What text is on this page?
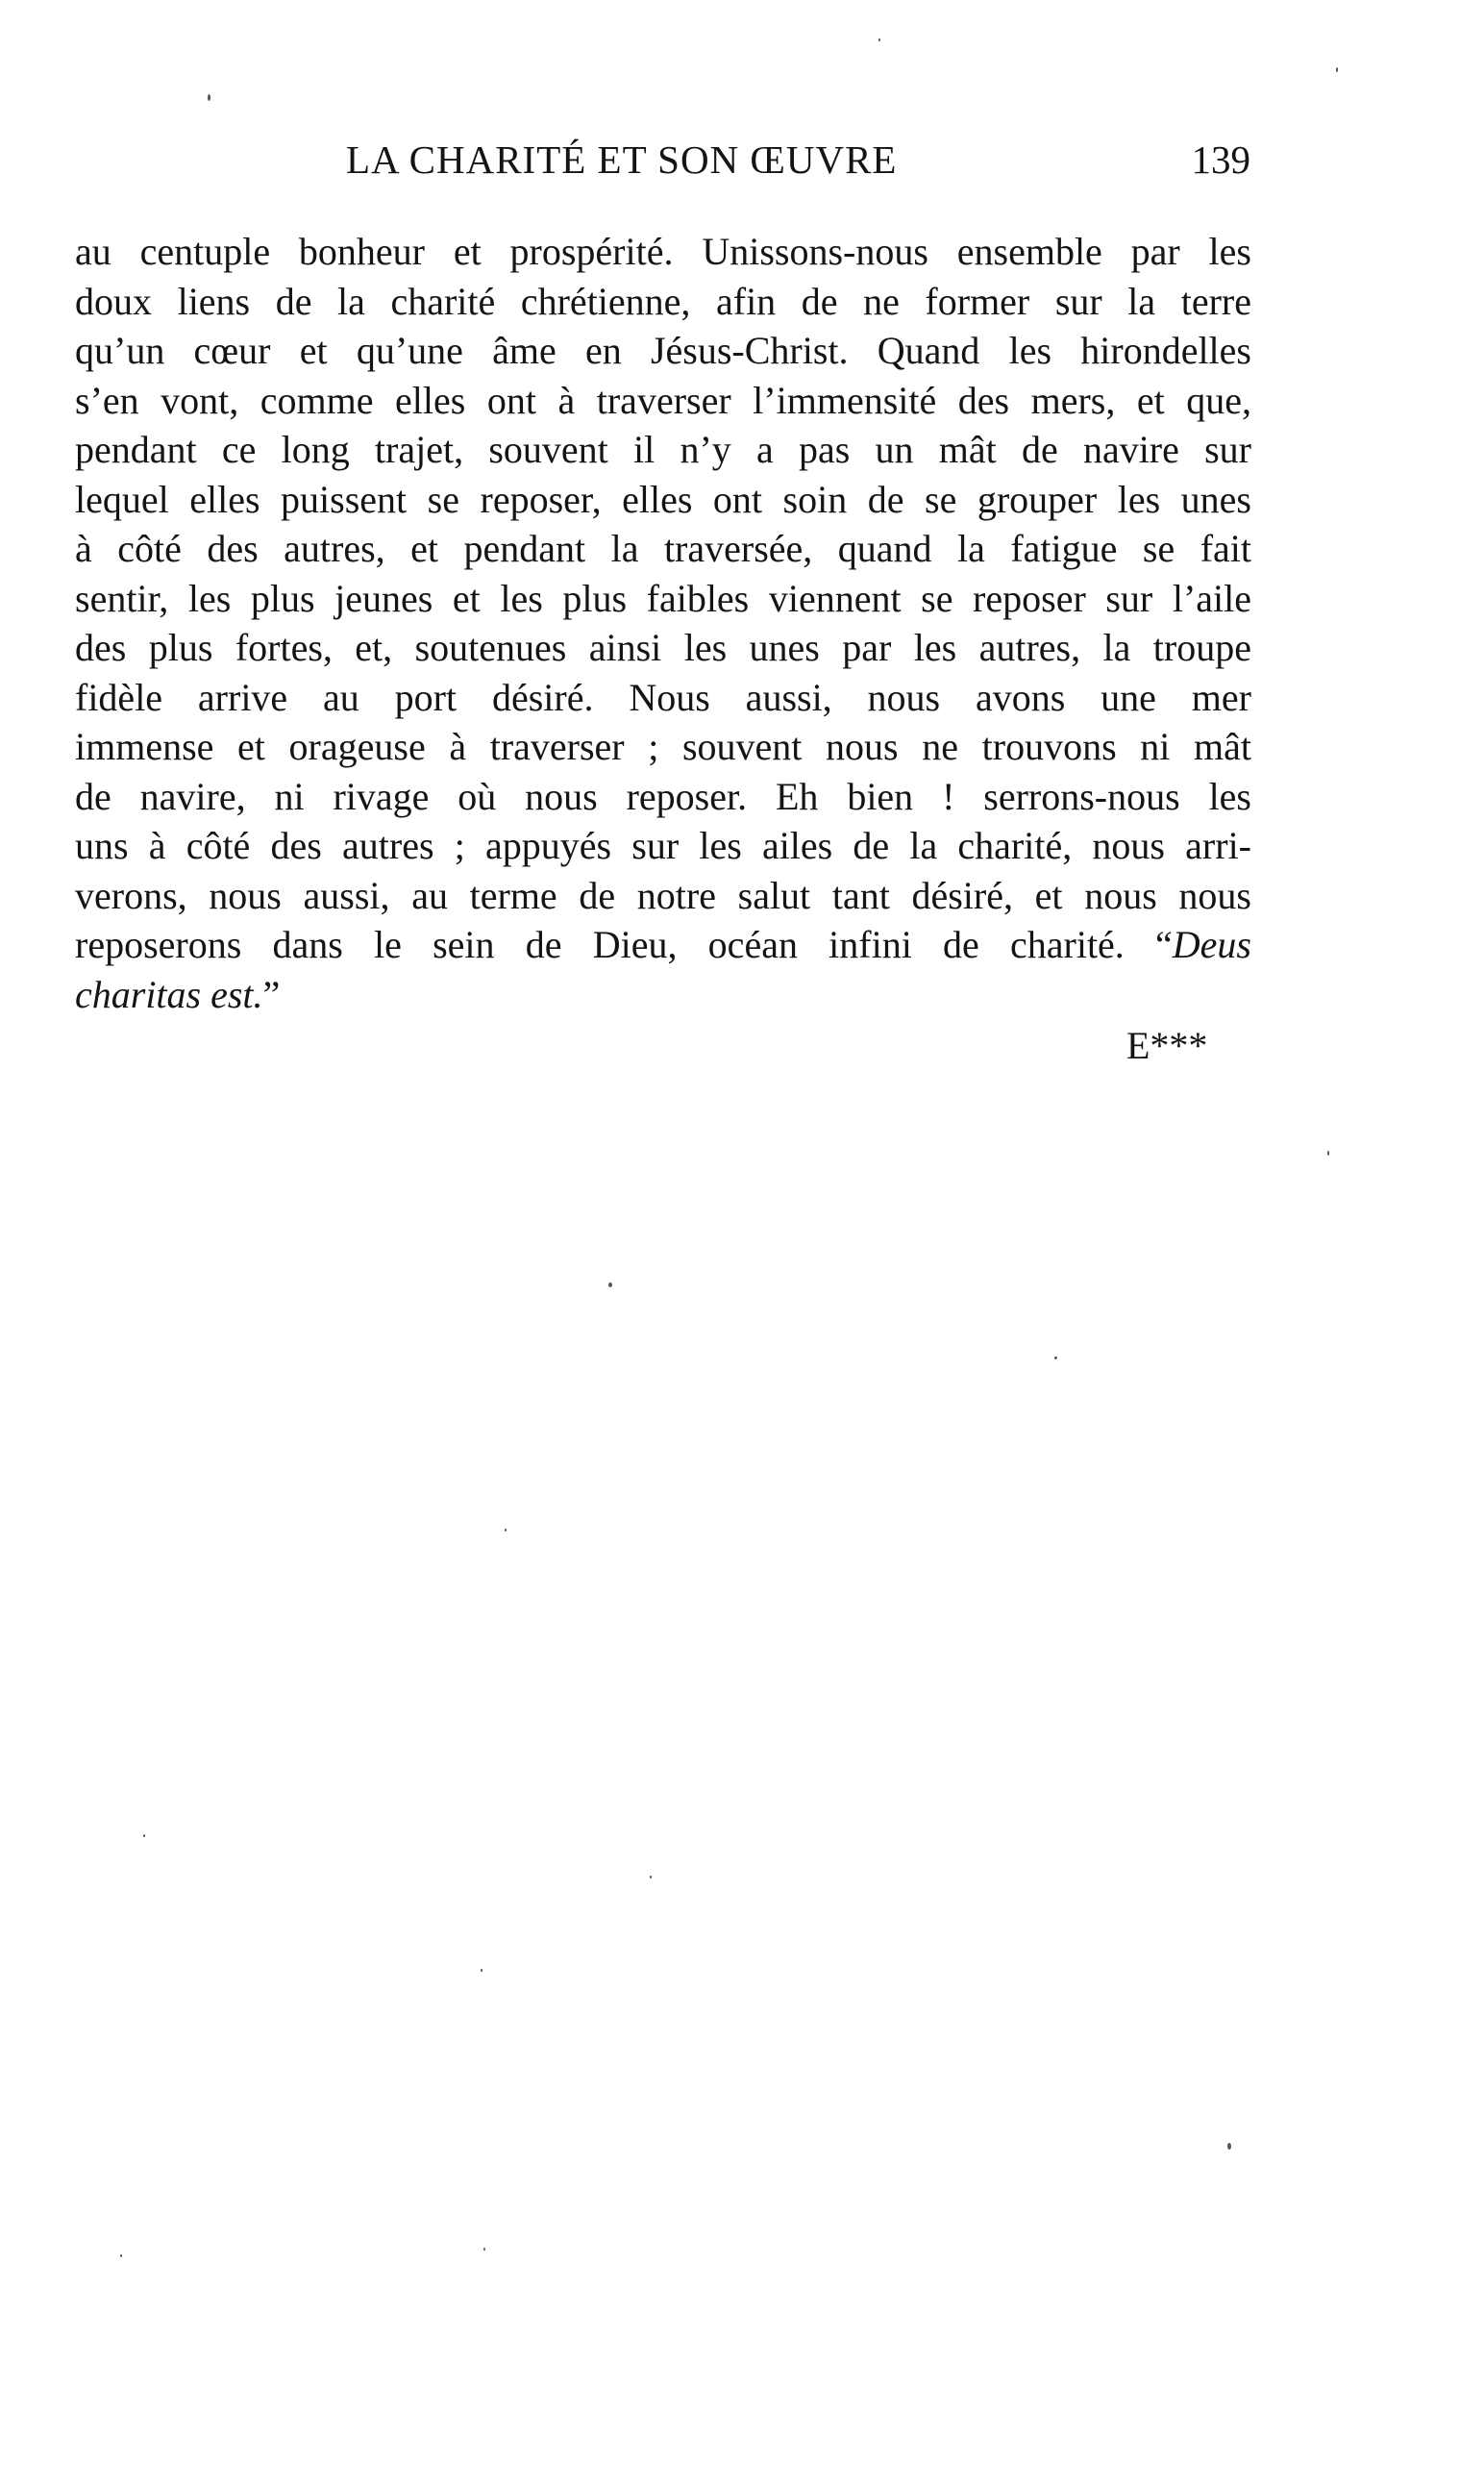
LA CHARITÉ ET SON ŒUVRE	139
au centuple bonheur et prospérité. Unissons-nous ensemble par les
doux liens de la charité chrétienne, afin de ne former sur la terre
qu’un cœur et qu’une âme en Jésus-Christ. Quand les hirondelles
s’en vont, comme elles ont à traverser l’immensité des mers, et que,
pendant ce long trajet, souvent il n’y a pas un mât de navire sur
lequel elles puissent se reposer, elles ont soin de se grouper les unes
à côté des autres, et pendant la traversée, quand la fatigue se fait
sentir, les plus jeunes et les plus faibles viennent se reposer sur l’aile
des plus fortes, et, soutenues ainsi les unes par les autres, la troupe
fidèle arrive au port désiré. Nous aussi, nous avons une mer
immense et orageuse à traverser ; souvent nous ne trouvons ni mât
de navire, ni rivage où nous reposer. Eh bien ! serrons-nous les
uns à côté des autres ; appuyés sur les ailes de la charité, nous arri-
verons, nous aussi, au terme de notre salut tant désiré, et nous nous
reposerons dans le sein de Dieu, océan infini de charité. “Deus
charitas est.”
E***
